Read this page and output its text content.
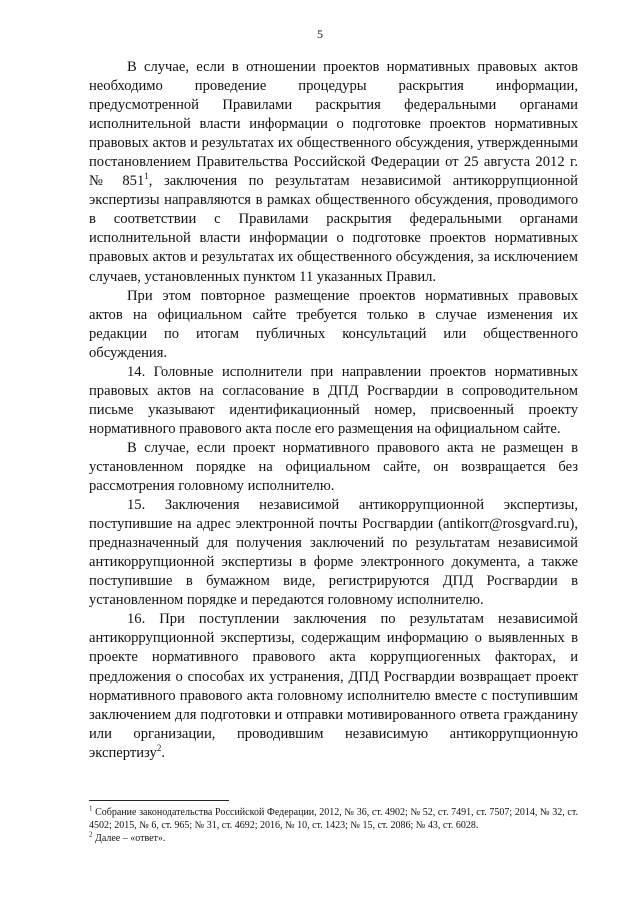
5

В случае, если в отношении проектов нормативных правовых актов необходимо проведение процедуры раскрытия информации, предусмотренной Правилами раскрытия федеральными органами исполнительной власти информации о подготовке проектов нормативных правовых актов и результатах их общественного обсуждения, утвержденными постановлением Правительства Российской Федерации от 25 августа 2012 г. № $851^1$, заключения по результатам независимой антикоррупционной экспертизы направляются в рамках общественного обсуждения, проводимого в соответствии с Правилами раскрытия федеральными органами исполнительной власти информации о подготовке проектов нормативных правовых актов и результатах их общественного обсуждения, за исключением случаев, установленных пунктом 11 указанных Правил.

При этом повторное размещение проектов нормативных правовых актов на официальном сайте требуется только в случае изменения их редакции по итогам публичных консультаций или общественного обсуждения.

14. Головные исполнители при направлении проектов нормативных правовых актов на согласование в ДПД Росгвардии в сопроводительном письме указывают идентификационный номер, присвоенный проекту нормативного правового акта после его размещения на официальном сайте.

В случае, если проект нормативного правового акта не размещен в установленном порядке на официальном сайте, он возвращается без рассмотрения головному исполнителю.

15. Заключения независимой антикоррупционной экспертизы, поступившие на адрес электронной почты Росгвардии (antikorr@rosgvard.ru), предназначенный для получения заключений по результатам независимой антикоррупционной экспертизы в форме электронного документа, а также поступившие в бумажном виде, регистрируются ДПД Росгвардии в установленном порядке и передаются головному исполнителю.

16. При поступлении заключения по результатам независимой антикоррупционной экспертизы, содержащим информацию о выявленных в проекте нормативного правового акта коррупциогенных факторах, и предложения о способах их устранения, ДПД Росгвардии возвращает проект нормативного правового акта головному исполнителю вместе с поступившим заключением для подготовки и отправки мотивированного ответа гражданину или организации, проводившим независимую антикоррупционную экспертизу$^2$.

$^1$ Собрание законодательства Российской Федерации, 2012, № 36, ст. 4902; № 52, ст. 7491, ст. 7507; 2014, № 32, ст. 4502; 2015, № 6, ст. 965; № 31, ст. 4692; 2016, № 10, ст. 1423; № 15, ст. 2086; № 43, ст. 6028.

$^2$ Далее – «ответ».
